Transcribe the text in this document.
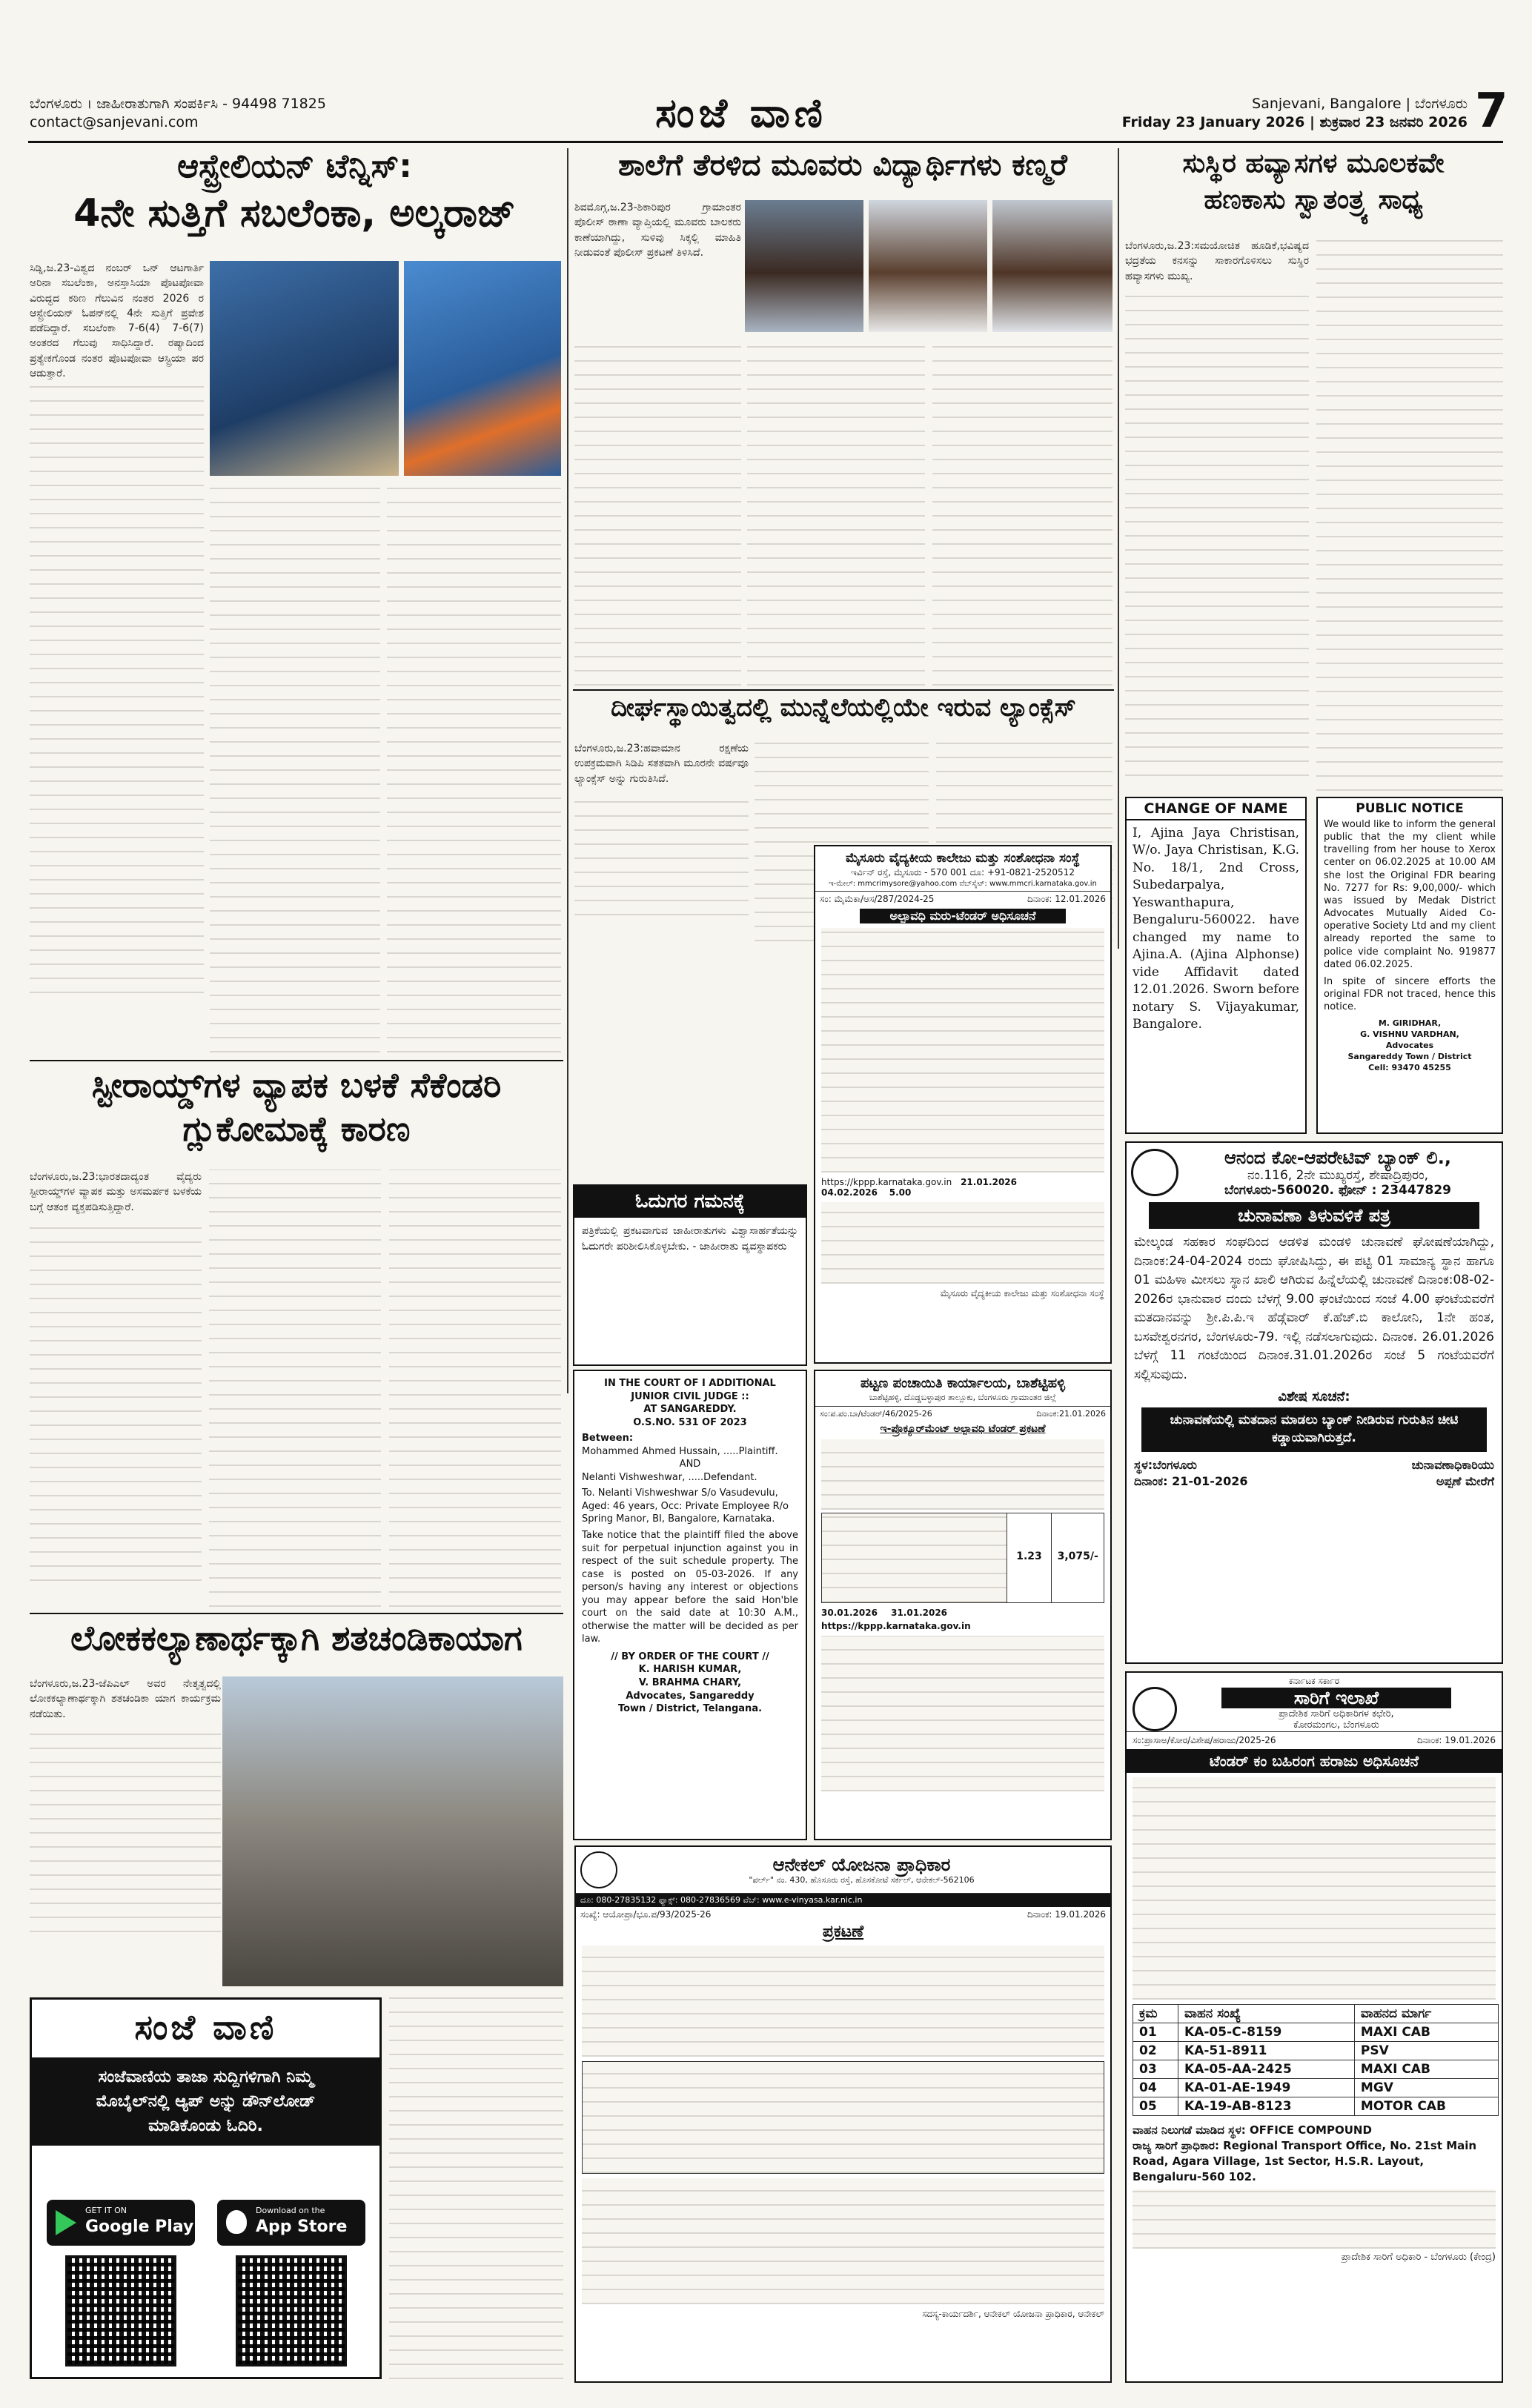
ಬೆಂಗಳೂರು । ಜಾಹೀರಾತುಗಾಗಿ ಸಂಪರ್ಕಿಸಿ - 94498 71825
contact@sanjevani.com	ಸಂಜೆ ವಾಣಿ	Sanjevani, Bangalore | ಬೆಂಗಳೂರು
Friday 23 January 2026 | ಶುಕ್ರವಾರ 23 ಜನವರಿ 2026 7
ಆಸ್ಟ್ರೇಲಿಯನ್ ಟೆನ್ನಿಸ್:
4ನೇ ಸುತ್ತಿಗೆ ಸಬಲೆಂಕಾ, ಅಲ್ಕರಾಜ್
ಸಿಡ್ನಿ,ಜ.23-ವಿಶ್ವದ ನಂಬರ್ ಒನ್ ಆಟಗಾರ್ತಿ ಅರಿನಾ ಸಬಲೆಂಕಾ, ಅನಸ್ತಾಸಿಯಾ ಪೊಟಪೋವಾ ವಿರುದ್ಧದ ಕಠಿಣ ಗೆಲುವಿನ ನಂತರ 2026 ರ ಆಸ್ಟ್ರೇಲಿಯನ್ ಓಪನ್‌ನಲ್ಲಿ 4ನೇ ಸುತ್ತಿಗೆ ಪ್ರವೇಶ ಪಡೆದಿದ್ದಾರೆ. ಸಬಲೆಂಕಾ 7-6(4) 7-6(7) ಅಂತರದ ಗೆಲುವು ಸಾಧಿಸಿದ್ದಾರೆ. ರಷ್ಯಾದಿಂದ ಪ್ರತ್ಯೇಕಗೊಂಡ ನಂತರ ಪೊಟಪೋವಾ ಆಸ್ಟ್ರಿಯಾ ಪರ ಆಡುತ್ತಾರೆ.
ಸ್ಟೀರಾಯ್ಡ್‌ಗಳ ವ್ಯಾಪಕ ಬಳಕೆ ಸೆಕೆಂಡರಿ
ಗ್ಲುಕೋಮಾಕ್ಕೆ ಕಾರಣ
ಬೆಂಗಳೂರು,ಜ.23:ಭಾರತದಾದ್ಯಂತ ವೈದ್ಯರು ಸ್ಟೀರಾಯ್ಡ್‌ಗಳ ವ್ಯಾಪಕ ಮತ್ತು ಅಸಮರ್ಪಕ ಬಳಕೆಯ ಬಗ್ಗೆ ಆತಂಕ ವ್ಯಕ್ತಪಡಿಸುತ್ತಿದ್ದಾರೆ.
ಲೋಕಕಲ್ಯಾಣಾರ್ಥಕ್ಕಾಗಿ ಶತಚಂಡಿಕಾಯಾಗ
ಬೆಂಗಳೂರು,ಜ.23-ಜೆಪಿಎಲ್ ಅವರ ನೇತೃತ್ವದಲ್ಲಿ ಲೋಕಕಲ್ಯಾಣಾರ್ಥಕ್ಕಾಗಿ ಶತಚಂಡಿಕಾ ಯಾಗ ಕಾರ್ಯಕ್ರಮ ನಡೆಯಿತು.
ಸಂಜೆ ವಾಣಿ
ಸಂಜೆವಾಣಿಯ ತಾಜಾ ಸುದ್ದಿಗಳಿಗಾಗಿ ನಿಮ್ಮ
ಮೊಬೈಲ್‌ನಲ್ಲಿ ಆ್ಯಪ್ ಅನ್ನು ಡೌನ್‌ಲೋಡ್
ಮಾಡಿಕೊಂಡು ಓದಿರಿ.
GET IT ON
Google Play
Download on the
App Store
ಶಾಲೆಗೆ ತೆರಳಿದ ಮೂವರು ವಿದ್ಯಾರ್ಥಿಗಳು ಕಣ್ಮರೆ
ಶಿವಮೊಗ್ಗ,ಜ.23-ಶಿಕಾರಿಪುರ ಗ್ರಾಮಾಂತರ ಪೊಲೀಸ್ ಠಾಣಾ ವ್ಯಾಪ್ತಿಯಲ್ಲಿ ಮೂವರು ಬಾಲಕರು ಕಾಣೆಯಾಗಿದ್ದು, ಸುಳಿವು ಸಿಕ್ಕಲ್ಲಿ ಮಾಹಿತಿ ನೀಡುವಂತೆ ಪೊಲೀಸ್ ಪ್ರಕಟಣೆ ತಿಳಿಸಿದೆ.
ದೀರ್ಘಸ್ಥಾಯಿತ್ವದಲ್ಲಿ ಮುನ್ನೆಲೆಯಲ್ಲಿಯೇ ಇರುವ ಲ್ಯಾಂಕ್ಸೆಸ್
ಬೆಂಗಳೂರು,ಜ.23:ಹವಾಮಾನ ರಕ್ಷಣೆಯ ಉಪಕ್ರಮವಾಗಿ ಸಿಡಿಪಿ ಸತತವಾಗಿ ಮೂರನೇ ವರ್ಷವೂ ಲ್ಯಾಂಕ್ಸೆಸ್ ಅನ್ನು ಗುರುತಿಸಿದೆ.
ಮೈಸೂರು ವೈದ್ಯಕೀಯ ಕಾಲೇಜು ಮತ್ತು ಸಂಶೋಧನಾ ಸಂಸ್ಥೆ
ಇರ್ವಿನ್ ರಸ್ತೆ, ಮೈಸೂರು - 570 001 ದೂ: +91-0821-2520512
ಇ-ಮೇಲ್: mmcrimysore@yahoo.com ವೆಬ್‌ಸೈಟ್: www.mmcri.karnataka.gov.in
ಸಂ: ಮೈಮೆಕಾ/ಆಸ/287/2024-25	ದಿನಾಂಕ: 12.01.2026
ಅಲ್ಪಾವಧಿ ಮರು-ಟೆಂಡರ್ ಅಧಿಸೂಚನೆ
https://kppp.karnataka.gov.in 21.01.2026
04.02.2026 5.00
ಮೈಸೂರು ವೈದ್ಯಕೀಯ ಕಾಲೇಜು ಮತ್ತು ಸಂಶೋಧನಾ ಸಂಸ್ಥೆ
ಓದುಗರ ಗಮನಕ್ಕೆ
ಪತ್ರಿಕೆಯಲ್ಲಿ ಪ್ರಕಟವಾಗುವ ಜಾಹೀರಾತುಗಳು ವಿಶ್ವಾಸಾರ್ಹತೆಯನ್ನು ಓದುಗರೇ ಪರಿಶೀಲಿಸಿಕೊಳ್ಳಬೇಕು. - ಜಾಹೀರಾತು ವ್ಯವಸ್ಥಾಪಕರು
IN THE COURT OF I ADDITIONAL
JUNIOR CIVIL JUDGE ::
AT SANGAREDDY.
O.S.NO. 531 OF 2023
Between:
Mohammed Ahmed Hussain, .....Plaintiff.
AND
Nelanti Vishweshwar, .....Defendant.
To. Nelanti Vishweshwar S/o Vasudevulu, Aged: 46 years, Occ: Private Employee R/o Spring Manor, BI, Bangalore, Karnataka.
Take notice that the plaintiff filed the above suit for perpetual injunction against you in respect of the suit schedule property. The case is posted on 05-03-2026. If any person/s having any interest or objections you may appear before the said Hon'ble court on the said date at 10:30 A.M., otherwise the matter will be decided as per law.
// BY ORDER OF THE COURT //
K. HARISH KUMAR,
V. BRAHMA CHARY,
Advocates, Sangareddy
Town / District, Telangana.
ಪಟ್ಟಣ ಪಂಚಾಯಿತಿ ಕಾರ್ಯಾಲಯ, ಬಾಶೆಟ್ಟಿಹಳ್ಳಿ
ಬಾಶೆಟ್ಟಿಹಳ್ಳಿ, ದೊಡ್ಡಬಳ್ಳಾಪುರ ತಾಲ್ಲೂಕು, ಬೆಂಗಳೂರು ಗ್ರಾಮಾಂತರ ಜಿಲ್ಲೆ
ಸಂ:ಪ.ಪಂ.ಬಾ/ಟೆಂಡರ್/46/2025-26	ದಿನಾಂಕ:21.01.2026
ಇ-ಪ್ರೊಕ್ಯೂರ್‌ಮೆಂಟ್ ಅಲ್ಪಾವಧಿ ಟೆಂಡರ್ ಪ್ರಕಟಣೆ
1.23	3,075/-
30.01.2026 31.01.2026
https://kppp.karnataka.gov.in
ಆನೇಕಲ್ ಯೋಜನಾ ಪ್ರಾಧಿಕಾರ
"ಪರ್ಲ್" ನಂ. 430, ಹೊಸೂರು ರಸ್ತೆ, ಹೊಸಕೋಟೆ ಸರ್ಕಲ್, ಆನೇಕಲ್-562106
ದೂ: 080-27835132 ಫ್ಯಾಕ್ಸ್: 080-27836569 ವೆಬ್: www.e-vinyasa.kar.nic.in
ಸಂಖ್ಯೆ: ಆಯೋಪ್ರಾ/ಭೂ.ಪ/93/2025-26	ದಿನಾಂಕ: 19.01.2026
ಪ್ರಕಟಣೆ
ಸದಸ್ಯ-ಕಾರ್ಯದರ್ಶಿ, ಆನೇಕಲ್ ಯೋಜನಾ ಪ್ರಾಧಿಕಾರ, ಆನೇಕಲ್
ಸುಸ್ಥಿರ ಹವ್ಯಾಸಗಳ ಮೂಲಕವೇ
ಹಣಕಾಸು ಸ್ವಾತಂತ್ರ್ಯ ಸಾಧ್ಯ
ಬೆಂಗಳೂರು,ಜ.23:ಸಮಯೋಚಿತ ಹೂಡಿಕೆ,ಭವಿಷ್ಯದ ಭದ್ರತೆಯ ಕನಸನ್ನು ಸಾಕಾರಗೊಳಿಸಲು ಸುಸ್ಥಿರ ಹವ್ಯಾಸಗಳು ಮುಖ್ಯ.
CHANGE OF NAME
I, Ajina Jaya Christisan, W/o. Jaya Christisan, K.G. No. 18/1, 2nd Cross, Subedarpalya, Yeswanthapura, Bengaluru-560022. have changed my name to Ajina.A. (Ajina Alphonse) vide Affidavit dated 12.01.2026. Sworn before notary S. Vijayakumar, Bangalore.
PUBLIC NOTICE
We would like to inform the general public that the my client while travelling from her house to Xerox center on 06.02.2025 at 10.00 AM she lost the Original FDR bearing No. 7277 for Rs: 9,00,000/- which was issued by Medak District Advocates Mutually Aided Co-operative Society Ltd and my client already reported the same to police vide complaint No. 919877 dated 06.02.2025.
In spite of sincere efforts the original FDR not traced, hence this notice.
M. GIRIDHAR,
G. VISHNU VARDHAN,
Advocates
Sangareddy Town / District
Cell: 93470 45255
ಆನಂದ ಕೋ-ಆಪರೇಟಿವ್ ಬ್ಯಾಂಕ್ ಲಿ.,
ನಂ.116, 2ನೇ ಮುಖ್ಯರಸ್ತೆ, ಶೇಷಾದ್ರಿಪುರಂ,
ಬೆಂಗಳೂರು-560020. ಫೋನ್ : 23447829
ಚುನಾವಣಾ ತಿಳುವಳಿಕೆ ಪತ್ರ
ಮೇಲ್ಕಂಡ ಸಹಕಾರ ಸಂಘದಿಂದ ಆಡಳಿತ ಮಂಡಳಿ ಚುನಾವಣೆ ಘೋಷಣೆಯಾಗಿದ್ದು, ದಿನಾಂಕ:24-04-2024 ರಂದು ಘೋಷಿಸಿದ್ದು, ಈ ಪಟ್ಟಿ 01 ಸಾಮಾನ್ಯ ಸ್ಥಾನ ಹಾಗೂ 01 ಮಹಿಳಾ ಮೀಸಲು ಸ್ಥಾನ ಖಾಲಿ ಆಗಿರುವ ಹಿನ್ನೆಲೆಯಲ್ಲಿ ಚುನಾವಣೆ ದಿನಾಂಕ:08-02-2026ರ ಭಾನುವಾರ ದಂದು ಬೆಳಗ್ಗೆ 9.00 ಘಂಟೆಯಿಂದ ಸಂಜೆ 4.00 ಘಂಟೆಯವರೆಗೆ ಮತದಾನವನ್ನು ಶ್ರೀ.ಪಿ.ಪಿ.ಇ ಹೆಡ್ಗೆವಾರ್ ಕೆ.ಹೆಚ್.ಬಿ ಕಾಲೋನಿ, 1ನೇ ಹಂತ, ಬಸವೇಶ್ವರನಗರ, ಬೆಂಗಳೂರು-79. ಇಲ್ಲಿ ನಡೆಸಲಾಗುವುದು. ದಿನಾಂಕ. 26.01.2026 ಬೆಳಗ್ಗೆ 11 ಗಂಟೆಯಿಂದ ದಿನಾಂಕ.31.01.2026ರ ಸಂಜೆ 5 ಗಂಟೆಯವರೆಗೆ ಸಲ್ಲಿಸುವುದು.
ವಿಶೇಷ ಸೂಚನೆ:
ಚುನಾವಣೆಯಲ್ಲಿ ಮತದಾನ ಮಾಡಲು ಬ್ಯಾಂಕ್ ನೀಡಿರುವ ಗುರುತಿನ ಚೀಟಿ ಕಡ್ಡಾಯವಾಗಿರುತ್ತದೆ.
ಸ್ಥಳ:ಬೆಂಗಳೂರು	ಚುನಾವಣಾಧಿಕಾರಿಯು
ದಿನಾಂಕ: 21-01-2026	ಅಪ್ಪಣೆ ಮೇರೆಗೆ
ಕರ್ನಾಟಕ ಸರ್ಕಾರ
ಸಾರಿಗೆ ಇಲಾಖೆ
ಪ್ರಾದೇಶಿಕ ಸಾರಿಗೆ ಅಧಿಕಾರಿಗಳ ಕಛೇರಿ,
ಕೋರಮಂಗಲ, ಬೆಂಗಳೂರು
ಸಂ:ಪ್ರಾಸಾಅ/ಕೋರ/ವಿಶೇಷ/ಹರಾಜು/2025-26	ದಿನಾಂಕ: 19.01.2026
ಟೆಂಡರ್ ಕಂ ಬಹಿರಂಗ ಹರಾಜು ಅಧಿಸೂಚನೆ
ಕ್ರಮ	ವಾಹನ ಸಂಖ್ಯೆ	ವಾಹನದ ಮಾರ್ಗ
01	KA-05-C-8159	MAXI CAB
02	KA-51-8911	PSV
03	KA-05-AA-2425	MAXI CAB
04	KA-01-AE-1949	MGV
05	KA-19-AB-8123	MOTOR CAB
ವಾಹನ ನಿಲುಗಡೆ ಮಾಡಿದ ಸ್ಥಳ: OFFICE COMPOUND
ರಾಜ್ಯ ಸಾರಿಗೆ ಪ್ರಾಧಿಕಾರ: Regional Transport Office, No. 21st Main Road, Agara Village, 1st Sector, H.S.R. Layout, Bengaluru-560 102.
ಪ್ರಾದೇಶಿಕ ಸಾರಿಗೆ ಅಧಿಕಾರಿ - ಬೆಂಗಳೂರು (ಕೇಂದ್ರ)
